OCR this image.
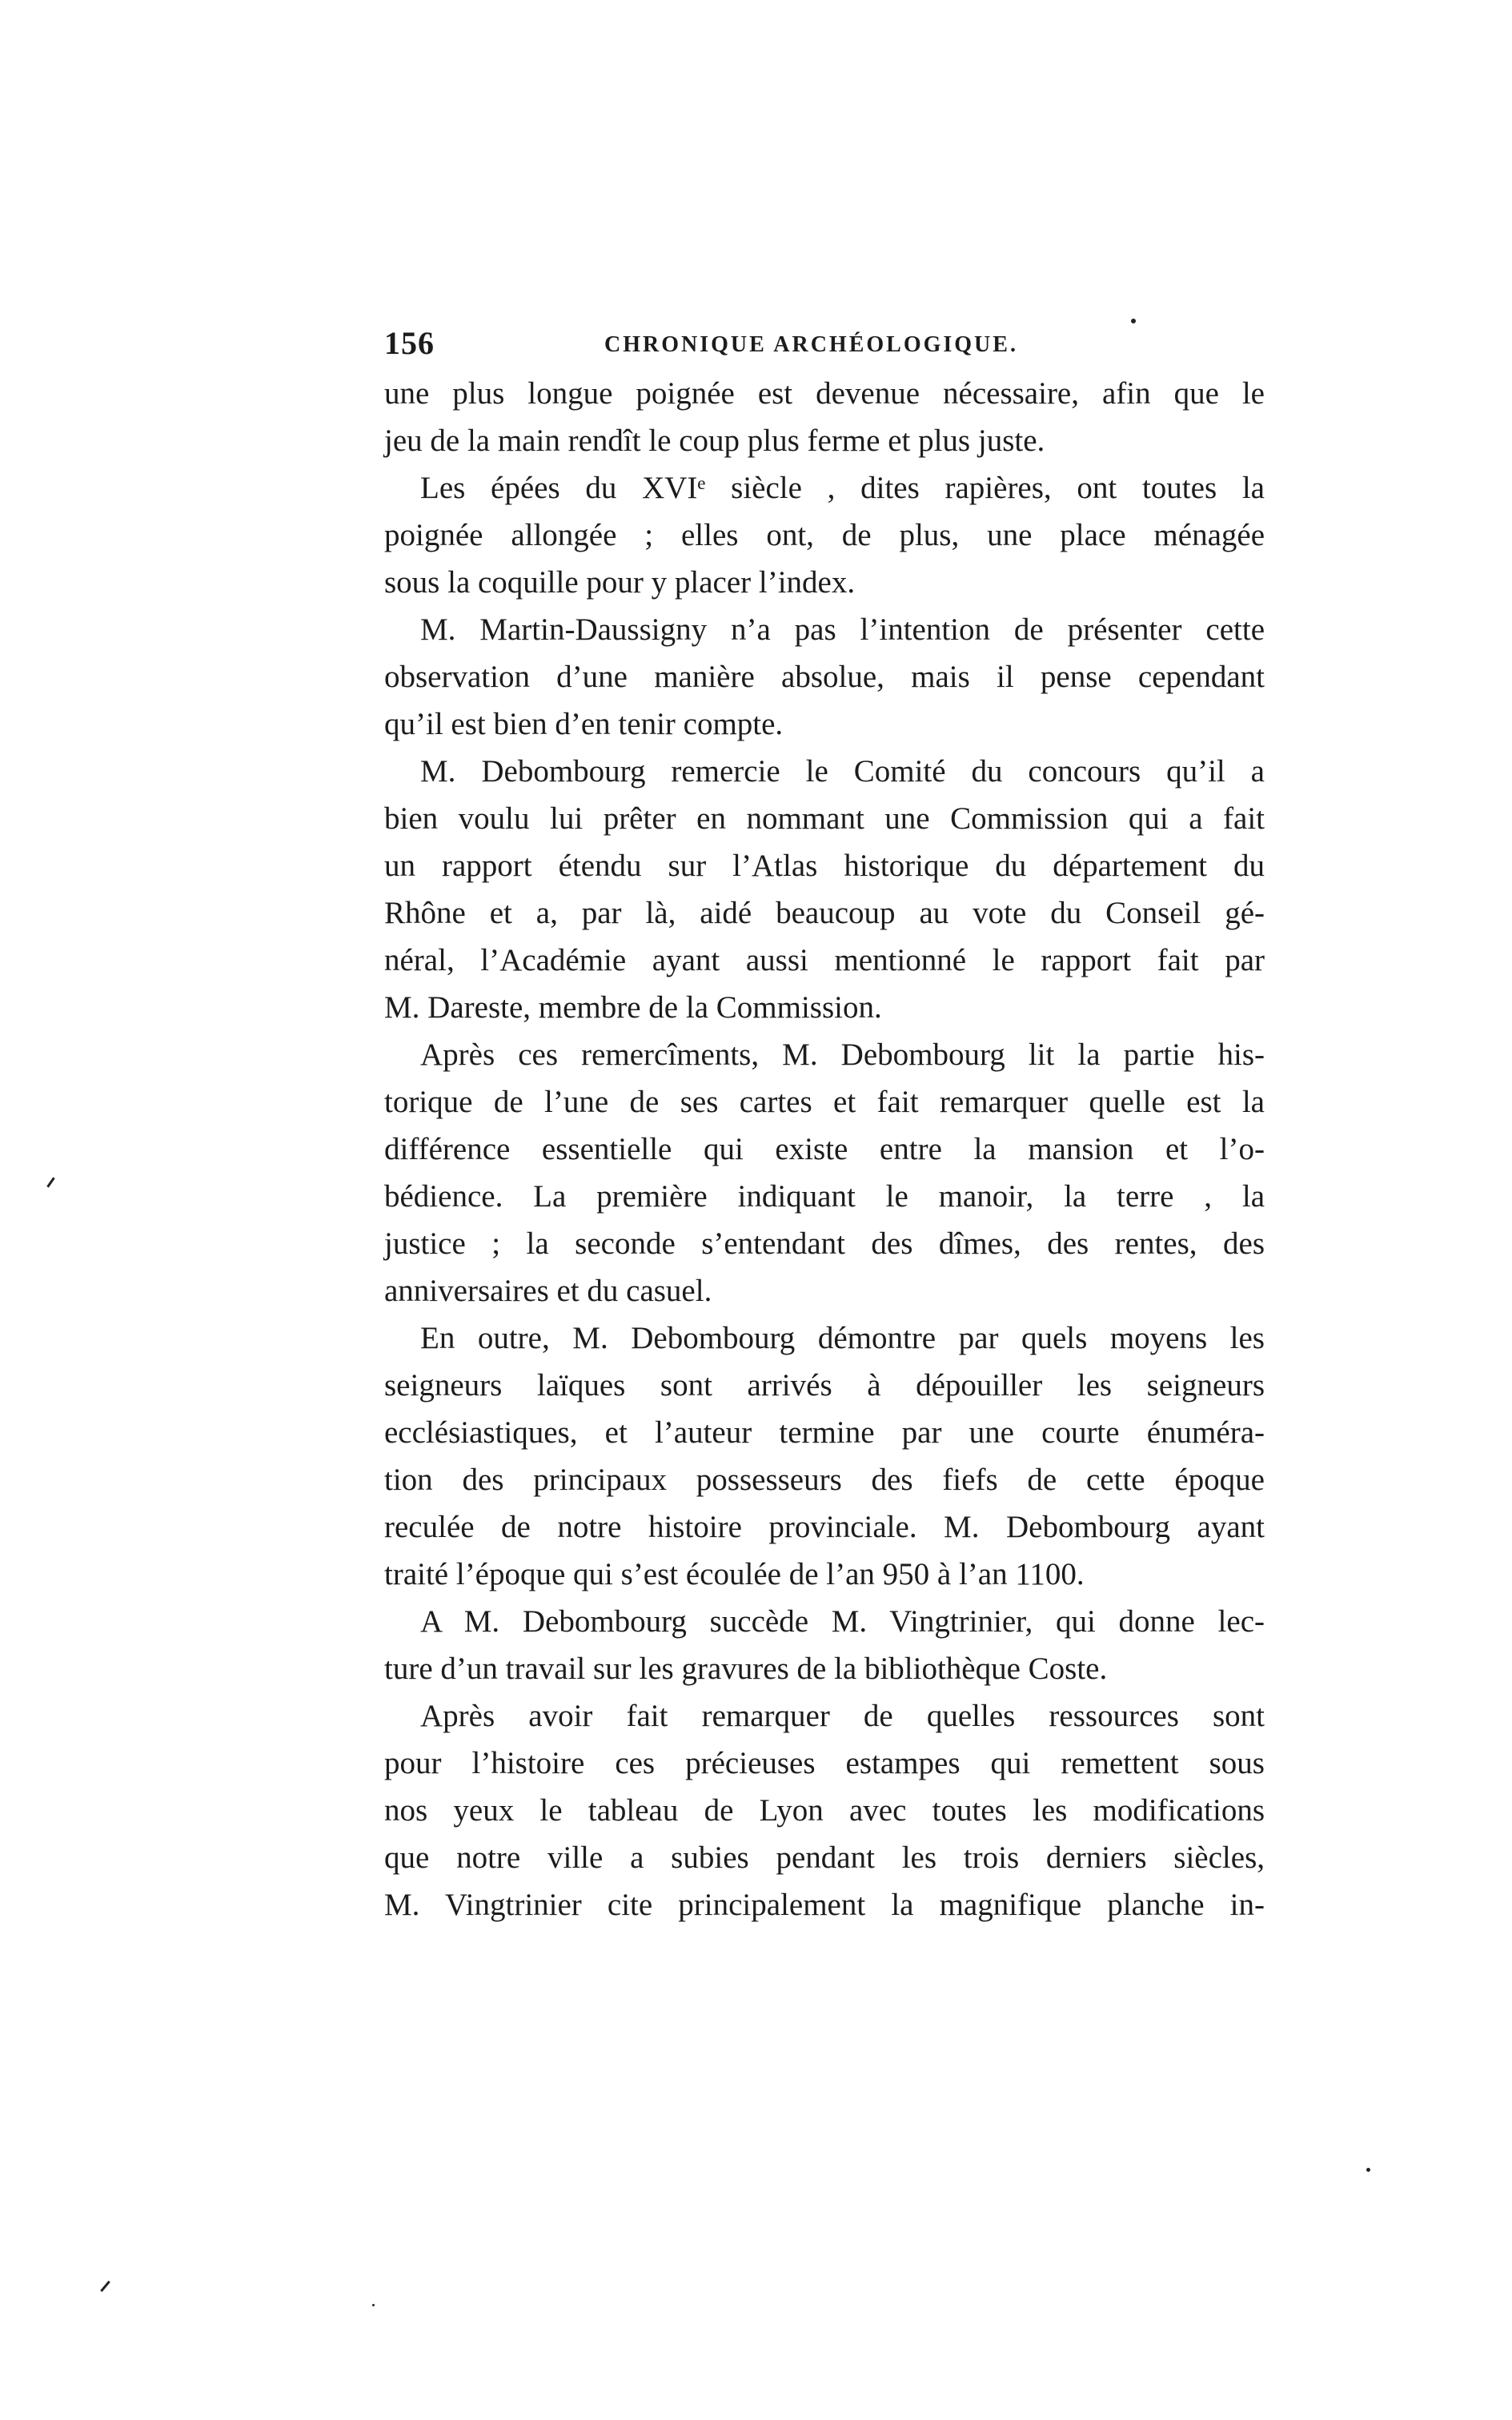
156	CHRONIQUE ARCHÉOLOGIQUE.
une plus longue poignée est devenue nécessaire, afin que le
jeu de la main rendît le coup plus ferme et plus juste.
Les épées du XVIᵉ siècle , dites rapières, ont toutes la
poignée allongée ; elles ont, de plus, une place ménagée
sous la coquille pour y placer l’index.
M. Martin-Daussigny n’a pas l’intention de présenter cette
observation d’une manière absolue, mais il pense cependant
qu’il est bien d’en tenir compte.
M. Debombourg remercie le Comité du concours qu’il a
bien voulu lui prêter en nommant une Commission qui a fait
un rapport étendu sur l’Atlas historique du département du
Rhône et a, par là, aidé beaucoup au vote du Conseil gé-
néral, l’Académie ayant aussi mentionné le rapport fait par
M. Dareste, membre de la Commission.
Après ces remercîments, M. Debombourg lit la partie his-
torique de l’une de ses cartes et fait remarquer quelle est la
différence essentielle qui existe entre la mansion et l’o-
bédience. La première indiquant le manoir, la terre , la
justice ; la seconde s’entendant des dîmes, des rentes, des
anniversaires et du casuel.
En outre, M. Debombourg démontre par quels moyens les
seigneurs laïques sont arrivés à dépouiller les seigneurs
ecclésiastiques, et l’auteur termine par une courte énuméra-
tion des principaux possesseurs des fiefs de cette époque
reculée de notre histoire provinciale. M. Debombourg ayant
traité l’époque qui s’est écoulée de l’an 950 à l’an 1100.
A M. Debombourg succède M. Vingtrinier, qui donne lec-
ture d’un travail sur les gravures de la bibliothèque Coste.
Après avoir fait remarquer de quelles ressources sont
pour l’histoire ces précieuses estampes qui remettent sous
nos yeux le tableau de Lyon avec toutes les modifications
que notre ville a subies pendant les trois derniers siècles,
M. Vingtrinier cite principalement la magnifique planche in-
